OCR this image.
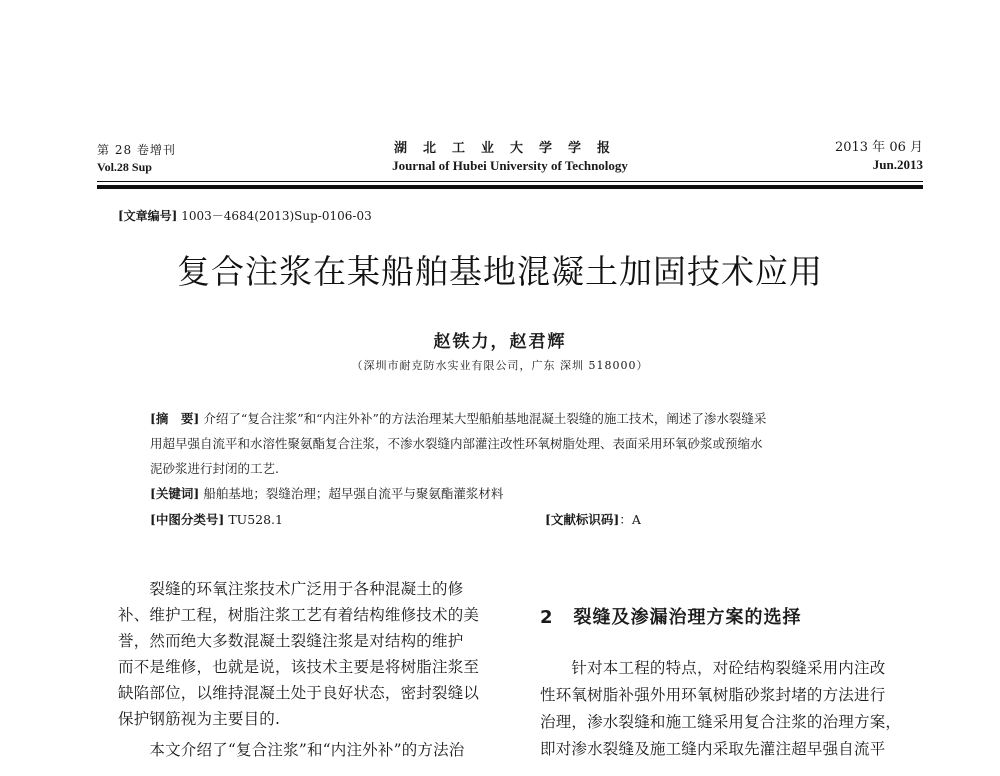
第 28 卷增刊
Vol.28 Sup
湖北工业大学学报
Journal of Hubei University of Technology
2013 年 06 月
Jun.2013
[文章编号] 1003－4684(2013)Sup-0106-03
复合注浆在某船舶基地混凝土加固技术应用
赵铁力，赵君辉
（深圳市耐克防水实业有限公司，广东 深圳 518000）
[摘　要] 介绍了“复合注浆”和“内注外补”的方法治理某大型船舶基地混凝土裂缝的施工技术，阐述了渗水裂缝采
用超早强自流平和水溶性聚氨酯复合注浆，不渗水裂缝内部灌注改性环氧树脂处理、表面采用环氧砂浆或预缩水
泥砂浆进行封闭的工艺.
[关键词] 船舶基地；裂缝治理；超早强自流平与聚氨酯灌浆材料
[中图分类号] TU528.1	[文献标识码]：A
　　裂缝的环氧注浆技术广泛用于各种混凝土的修
补、维护工程，树脂注浆工艺有着结构维修技术的美
誉，然而绝大多数混凝土裂缝注浆是对结构的维护
而不是维修，也就是说，该技术主要是将树脂注浆至
缺陷部位，以维持混凝土处于良好状态，密封裂缝以
保护钢筋视为主要目的.
　　本文介绍了“复合注浆”和“内注外补”的方法治
2 裂缝及渗漏治理方案的选择
　　针对本工程的特点，对砼结构裂缝采用内注改
性环氧树脂补强外用环氧树脂砂浆封堵的方法进行
治理，渗水裂缝和施工缝采用复合注浆的治理方案，
即对渗水裂缝及施工缝内采取先灌注超早强自流平
